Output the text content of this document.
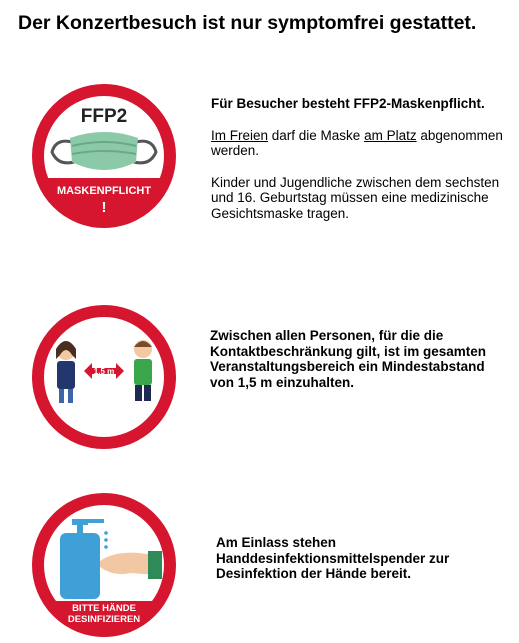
Der Konzertbesuch ist nur symptomfrei gestattet.
FFP2
MASKENPFLICHT
!

Für Besucher besteht FFP2-Maskenpflicht.

Im Freien darf die Maske am Platz abgenommen werden.

Kinder und Jugendliche zwischen dem sechsten und 16. Geburtstag müssen eine medizinische Gesichtsmaske tragen.

1,5 m
Zwischen allen Personen, für die die Kontaktbeschränkung gilt, ist im gesamten Veranstaltungsbereich ein Mindestabstand von 1,5 m einzuhalten.
BITTE HÄNDE
DESINFIZIEREN
Am Einlass stehen Handdesinfektionsmittelspender zur Desinfektion der Hände bereit.
